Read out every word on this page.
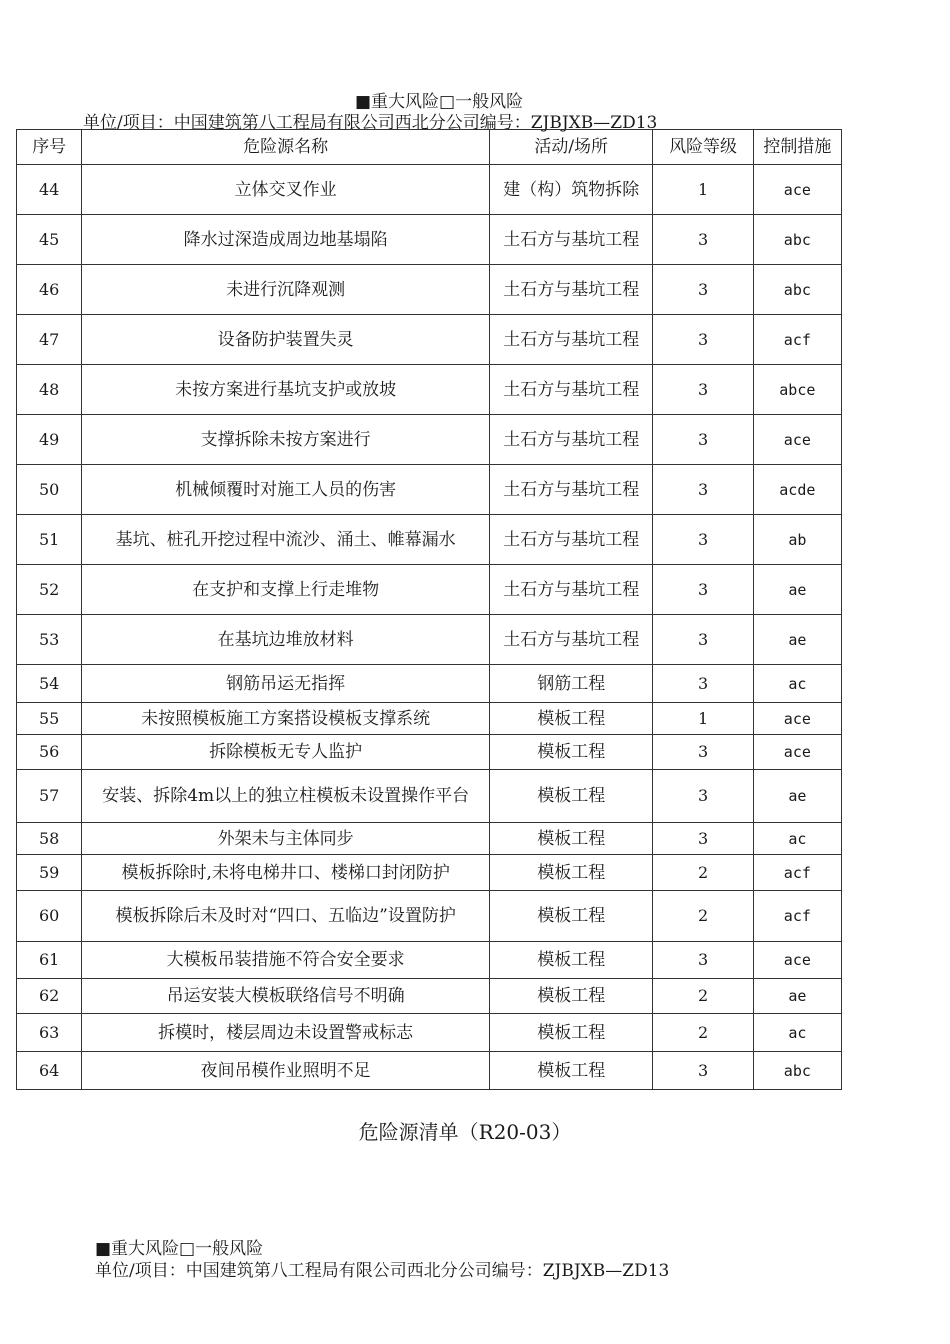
■重大风险□一般风险
单位/项目：中国建筑第八工程局有限公司西北分公司编号：ZJBJXB—ZD13
序号	危险源名称	活动/场所	风险等级	控制措施
44	立体交叉作业	建（构）筑物拆除	1	ace
45	降水过深造成周边地基塌陷	土石方与基坑工程	3	abc
46	未进行沉降观测	土石方与基坑工程	3	abc
47	设备防护装置失灵	土石方与基坑工程	3	acf
48	未按方案进行基坑支护或放坡	土石方与基坑工程	3	abce
49	支撑拆除未按方案进行	土石方与基坑工程	3	ace
50	机械倾覆时对施工人员的伤害	土石方与基坑工程	3	acde
51	基坑、桩孔开挖过程中流沙、涌土、帷幕漏水	土石方与基坑工程	3	ab
52	在支护和支撑上行走堆物	土石方与基坑工程	3	ae
53	在基坑边堆放材料	土石方与基坑工程	3	ae
54	钢筋吊运无指挥	钢筋工程	3	ac
55	未按照模板施工方案搭设模板支撑系统	模板工程	1	ace
56	拆除模板无专人监护	模板工程	3	ace
57	安装、拆除4m以上的独立柱模板未设置操作平台	模板工程	3	ae
58	外架未与主体同步	模板工程	3	ac
59	模板拆除时,未将电梯井口、楼梯口封闭防护	模板工程	2	acf
60	模板拆除后未及时对“四口、五临边”设置防护	模板工程	2	acf
61	大模板吊装措施不符合安全要求	模板工程	3	ace
62	吊运安装大模板联络信号不明确	模板工程	2	ae
63	拆模时，楼层周边未设置警戒标志	模板工程	2	ac
64	夜间吊模作业照明不足	模板工程	3	abc
危险源清单（R20-03）
■重大风险□一般风险
单位/项目：中国建筑第八工程局有限公司西北分公司编号：ZJBJXB—ZD13
